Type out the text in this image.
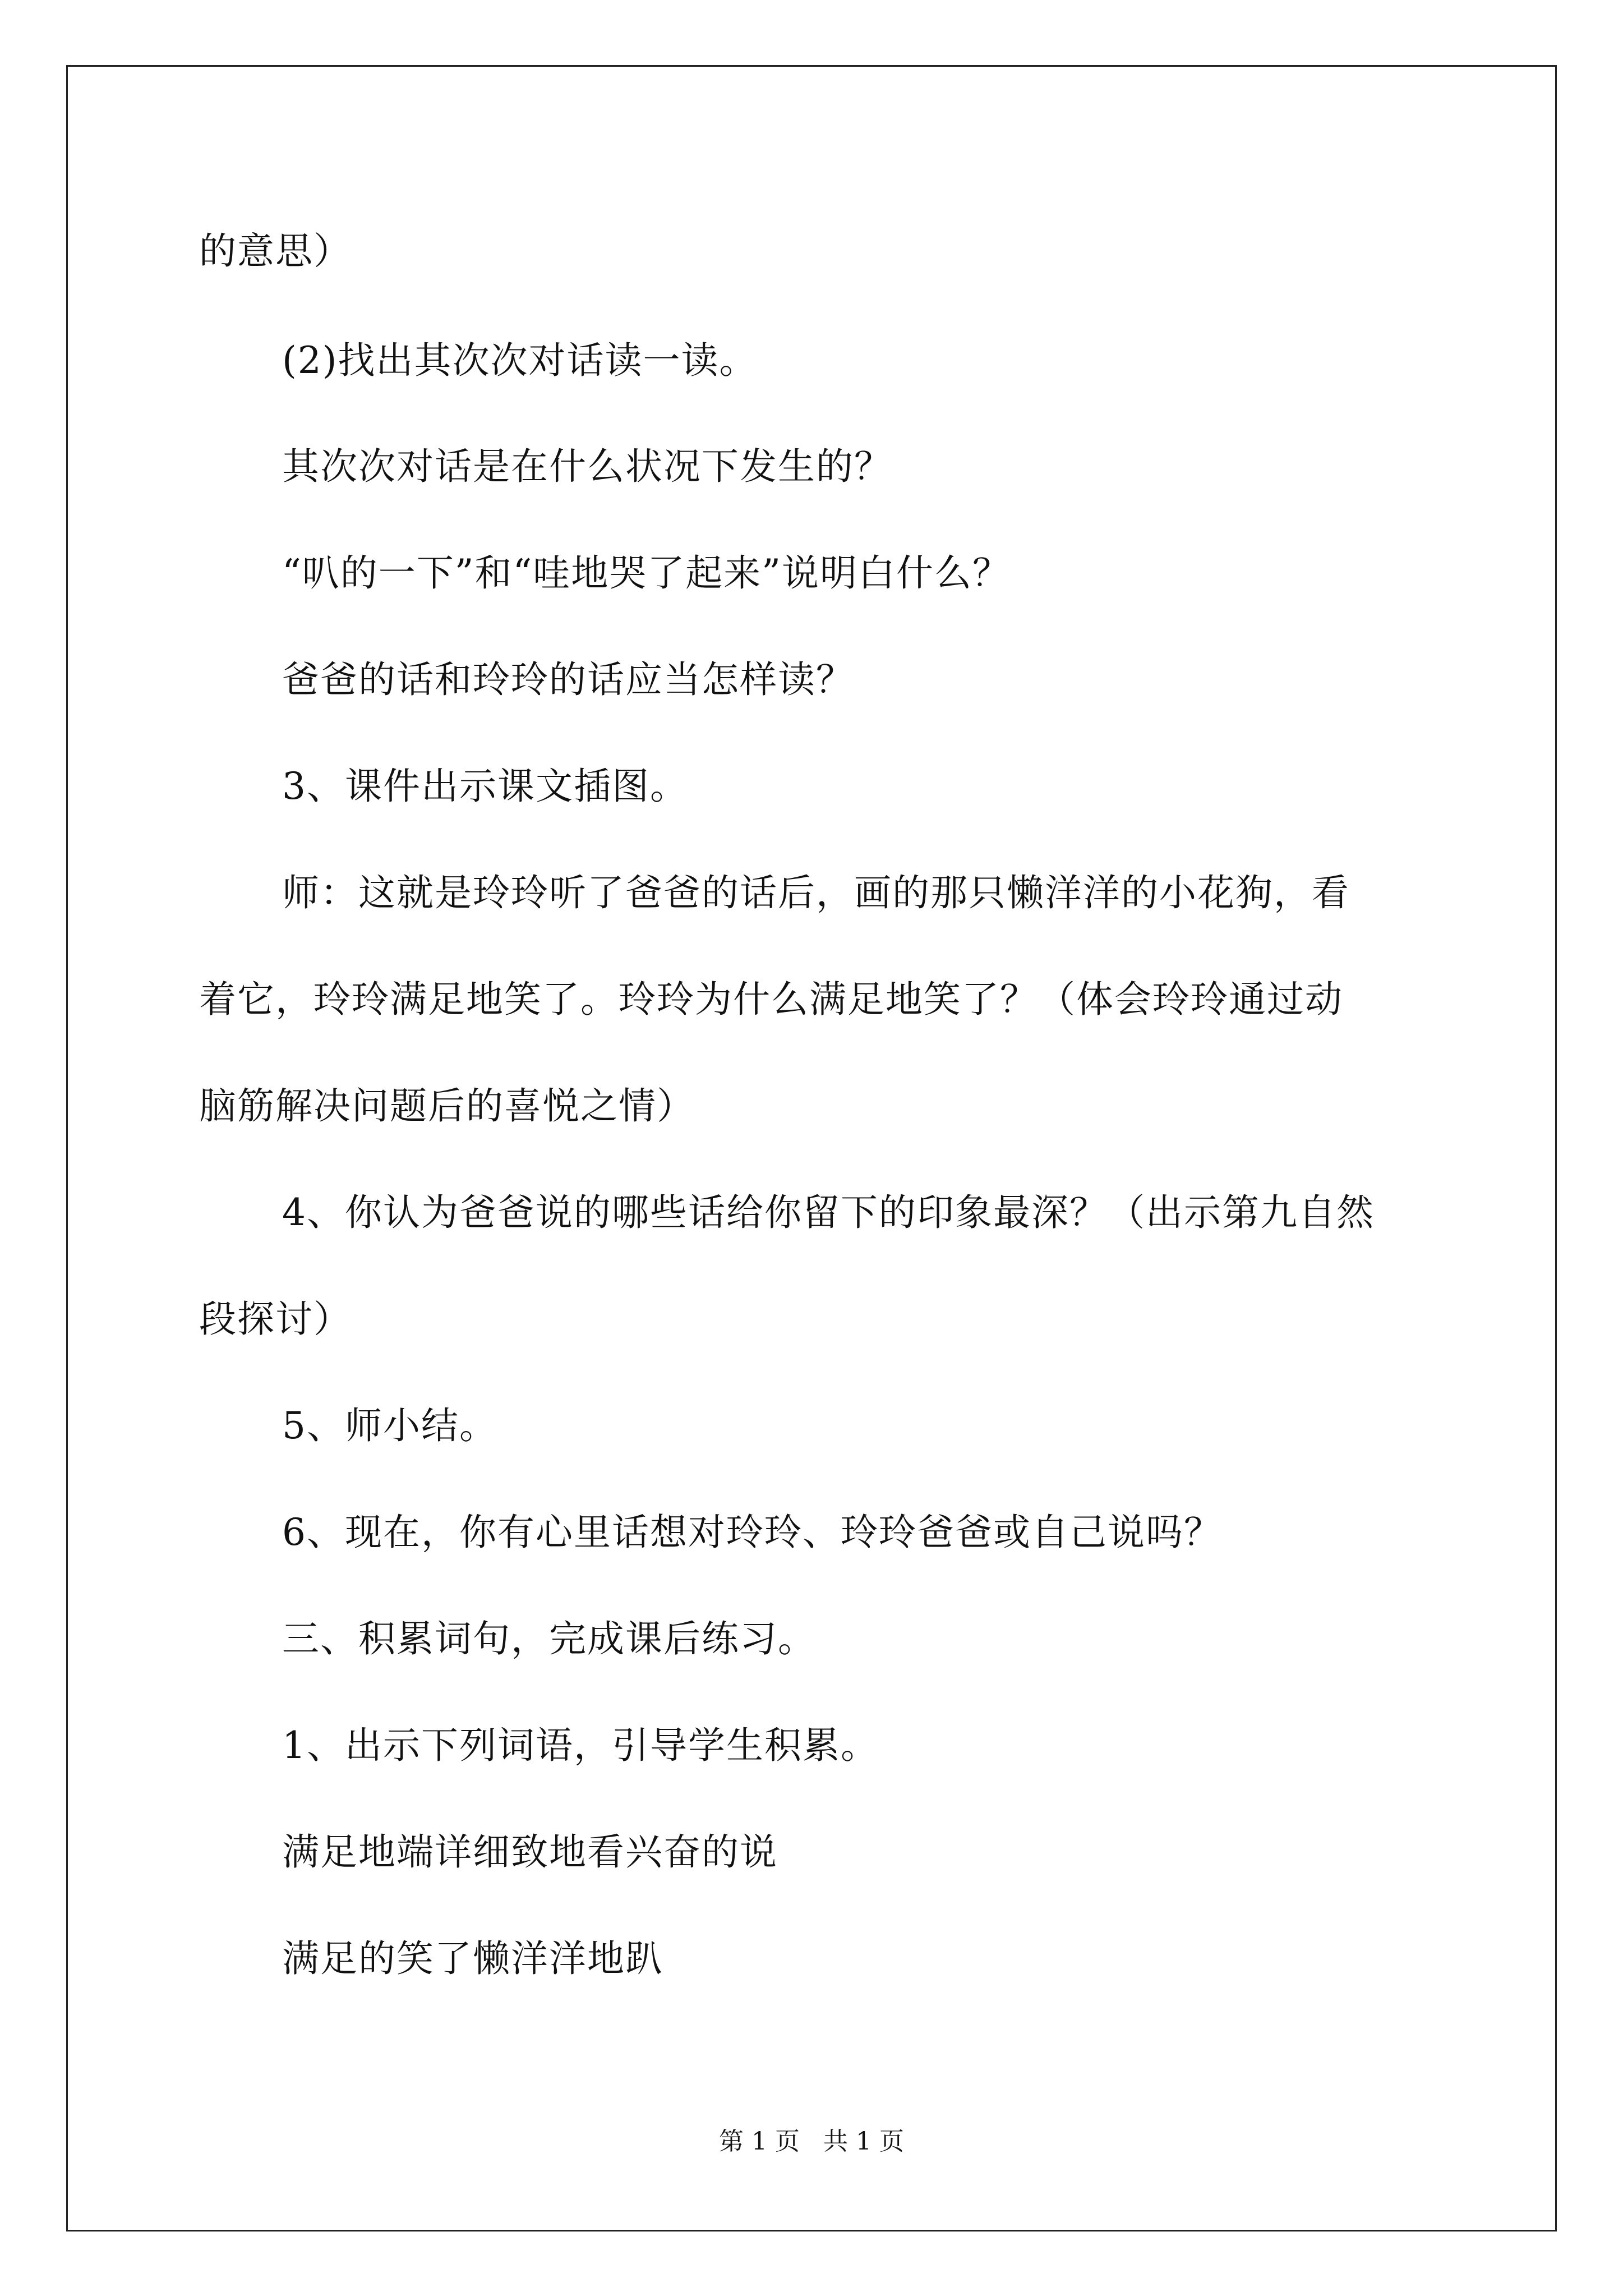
的意思）
(2)找出其次次对话读一读。
其次次对话是在什么状况下发生的？
“叭的一下”和“哇地哭了起来”说明白什么？
爸爸的话和玲玲的话应当怎样读？
3、课件出示课文插图。
师：这就是玲玲听了爸爸的话后，画的那只懒洋洋的小花狗，看
着它，玲玲满足地笑了。玲玲为什么满足地笑了？（体会玲玲通过动
脑筋解决问题后的喜悦之情）
4、你认为爸爸说的哪些话给你留下的印象最深？（出示第九自然
段探讨）
5、师小结。
6、现在，你有心里话想对玲玲、玲玲爸爸或自己说吗？
三、积累词句，完成课后练习。
1、出示下列词语，引导学生积累。
满足地端详细致地看兴奋的说
满足的笑了懒洋洋地趴
第 1 页   共 1 页
